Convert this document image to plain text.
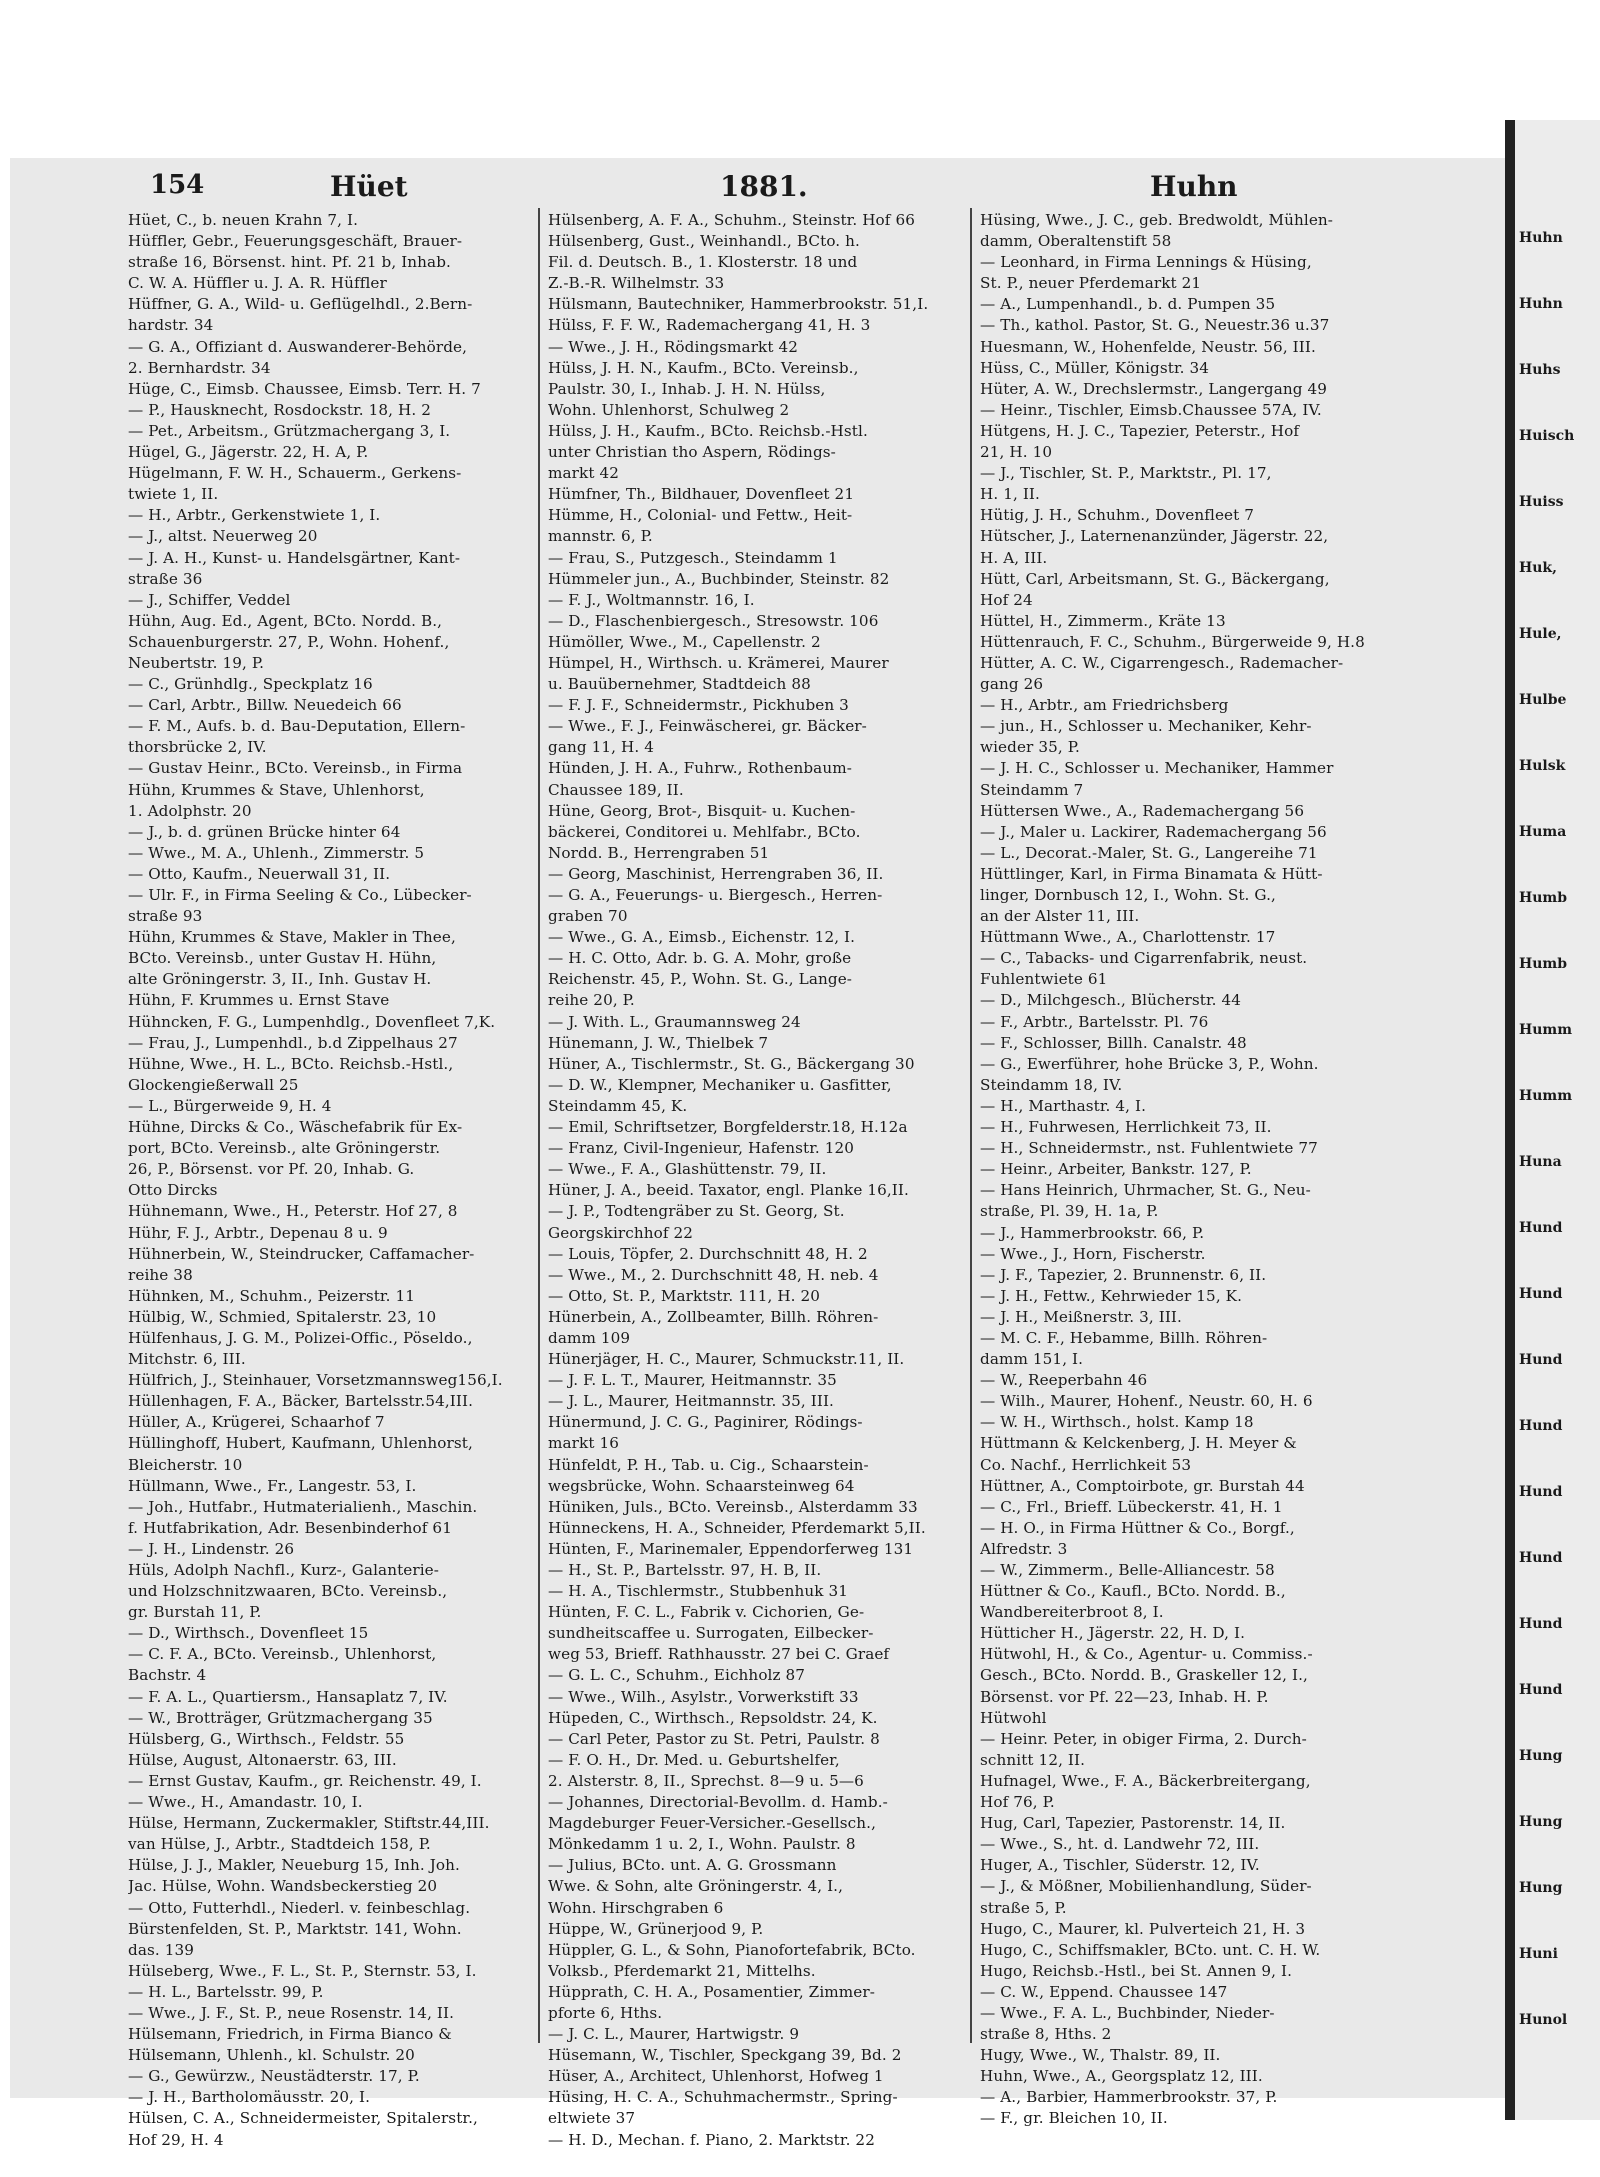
154	Hüet	1881.	Huhn
Hüet, C., b. neuen Krahn 7, I.
Hüffler, Gebr., Feuerungsgeschäft, Brauer-
straße 16, Börsenst. hint. Pf. 21 b, Inhab.
C. W. A. Hüffler u. J. A. R. Hüffler
Hüffner, G. A., Wild- u. Geflügelhdl., 2.Bern-
hardstr. 34
— G. A., Offiziant d. Auswanderer-Behörde,
2. Bernhardstr. 34
Hüge, C., Eimsb. Chaussee, Eimsb. Terr. H. 7
— P., Hausknecht, Rosdockstr. 18, H. 2
— Pet., Arbeitsm., Grützmachergang 3, I.
Hügel, G., Jägerstr. 22, H. A, P.
Hügelmann, F. W. H., Schauerm., Gerkens-
twiete 1, II.
— H., Arbtr., Gerkenstwiete 1, I.
— J., altst. Neuerweg 20
— J. A. H., Kunst- u. Handelsgärtner, Kant-
straße 36
— J., Schiffer, Veddel
Hühn, Aug. Ed., Agent, BCto. Nordd. B.,
Schauenburgerstr. 27, P., Wohn. Hohenf.,
Neubertstr. 19, P.
— C., Grünhdlg., Speckplatz 16
— Carl, Arbtr., Billw. Neuedeich 66
— F. M., Aufs. b. d. Bau-Deputation, Ellern-
thorsbrücke 2, IV.
— Gustav Heinr., BCto. Vereinsb., in Firma
Hühn, Krummes & Stave, Uhlenhorst,
1. Adolphstr. 20
— J., b. d. grünen Brücke hinter 64
— Wwe., M. A., Uhlenh., Zimmerstr. 5
— Otto, Kaufm., Neuerwall 31, II.
— Ulr. F., in Firma Seeling & Co., Lübecker-
straße 93
Hühn, Krummes & Stave, Makler in Thee,
BCto. Vereinsb., unter Gustav H. Hühn,
alte Gröningerstr. 3, II., Inh. Gustav H.
Hühn, F. Krummes u. Ernst Stave
Hühncken, F. G., Lumpenhdlg., Dovenfleet 7,K.
— Frau, J., Lumpenhdl., b.d Zippelhaus 27
Hühne, Wwe., H. L., BCto. Reichsb.-Hstl.,
Glockengießerwall 25
— L., Bürgerweide 9, H. 4
Hühne, Dircks & Co., Wäschefabrik für Ex-
port, BCto. Vereinsb., alte Gröningerstr.
26, P., Börsenst. vor Pf. 20, Inhab. G.
Otto Dircks
Hühnemann, Wwe., H., Peterstr. Hof 27, 8
Hühr, F. J., Arbtr., Depenau 8 u. 9
Hühnerbein, W., Steindrucker, Caffamacher-
reihe 38
Hühnken, M., Schuhm., Peizerstr. 11
Hülbig, W., Schmied, Spitalerstr. 23, 10
Hülfenhaus, J. G. M., Polizei-Offic., Pöseldo.,
Mitchstr. 6, III.
Hülfrich, J., Steinhauer, Vorsetzmannsweg156,I.
Hüllenhagen, F. A., Bäcker, Bartelsstr.54,III.
Hüller, A., Krügerei, Schaarhof 7
Hüllinghoff, Hubert, Kaufmann, Uhlenhorst,
Bleicherstr. 10
Hüllmann, Wwe., Fr., Langestr. 53, I.
— Joh., Hutfabr., Hutmaterialienh., Maschin.
f. Hutfabrikation, Adr. Besenbinderhof 61
— J. H., Lindenstr. 26
Hüls, Adolph Nachfl., Kurz-, Galanterie-
und Holzschnitzwaaren, BCto. Vereinsb.,
gr. Burstah 11, P.
— D., Wirthsch., Dovenfleet 15
— C. F. A., BCto. Vereinsb., Uhlenhorst,
Bachstr. 4
— F. A. L., Quartiersm., Hansaplatz 7, IV.
— W., Brotträger, Grützmachergang 35
Hülsberg, G., Wirthsch., Feldstr. 55
Hülse, August, Altonaerstr. 63, III.
— Ernst Gustav, Kaufm., gr. Reichenstr. 49, I.
— Wwe., H., Amandastr. 10, I.
Hülse, Hermann, Zuckermakler, Stiftstr.44,III.
van Hülse, J., Arbtr., Stadtdeich 158, P.
Hülse, J. J., Makler, Neueburg 15, Inh. Joh.
Jac. Hülse, Wohn. Wandsbeckerstieg 20
— Otto, Futterhdl., Niederl. v. feinbeschlag.
Bürstenfelden, St. P., Marktstr. 141, Wohn.
das. 139
Hülseberg, Wwe., F. L., St. P., Sternstr. 53, I.
— H. L., Bartelsstr. 99, P.
— Wwe., J. F., St. P., neue Rosenstr. 14, II.
Hülsemann, Friedrich, in Firma Bianco &
Hülsemann, Uhlenh., kl. Schulstr. 20
— G., Gewürzw., Neustädterstr. 17, P.
— J. H., Bartholomäusstr. 20, I.
Hülsen, C. A., Schneidermeister, Spitalerstr.,
Hof 29, H. 4
Hülsenberg, A. F. A., Schuhm., Steinstr. Hof 66
Hülsenberg, Gust., Weinhandl., BCto. h.
Fil. d. Deutsch. B., 1. Klosterstr. 18 und
Z.-B.-R. Wilhelmstr. 33
Hülsmann, Bautechniker, Hammerbrookstr. 51,I.
Hülss, F. F. W., Rademachergang 41, H. 3
— Wwe., J. H., Rödingsmarkt 42
Hülss, J. H. N., Kaufm., BCto. Vereinsb.,
Paulstr. 30, I., Inhab. J. H. N. Hülss,
Wohn. Uhlenhorst, Schulweg 2
Hülss, J. H., Kaufm., BCto. Reichsb.-Hstl.
unter Christian tho Aspern, Rödings-
markt 42
Hümfner, Th., Bildhauer, Dovenfleet 21
Hümme, H., Colonial- und Fettw., Heit-
mannstr. 6, P.
— Frau, S., Putzgesch., Steindamm 1
Hümmeler jun., A., Buchbinder, Steinstr. 82
— F. J., Woltmannstr. 16, I.
— D., Flaschenbiergesch., Stresowstr. 106
Hümöller, Wwe., M., Capellenstr. 2
Hümpel, H., Wirthsch. u. Krämerei, Maurer
u. Bauübernehmer, Stadtdeich 88
— F. J. F., Schneidermstr., Pickhuben 3
— Wwe., F. J., Feinwäscherei, gr. Bäcker-
gang 11, H. 4
Hünden, J. H. A., Fuhrw., Rothenbaum-
Chaussee 189, II.
Hüne, Georg, Brot-, Bisquit- u. Kuchen-
bäckerei, Conditorei u. Mehlfabr., BCto.
Nordd. B., Herrengraben 51
— Georg, Maschinist, Herrengraben 36, II.
— G. A., Feuerungs- u. Biergesch., Herren-
graben 70
— Wwe., G. A., Eimsb., Eichenstr. 12, I.
— H. C. Otto, Adr. b. G. A. Mohr, große
Reichenstr. 45, P., Wohn. St. G., Lange-
reihe 20, P.
— J. With. L., Graumannsweg 24
Hünemann, J. W., Thielbek 7
Hüner, A., Tischlermstr., St. G., Bäckergang 30
— D. W., Klempner, Mechaniker u. Gasfitter,
Steindamm 45, K.
— Emil, Schriftsetzer, Borgfelderstr.18, H.12a
— Franz, Civil-Ingenieur, Hafenstr. 120
— Wwe., F. A., Glashüttenstr. 79, II.
Hüner, J. A., beeid. Taxator, engl. Planke 16,II.
— J. P., Todtengräber zu St. Georg, St.
Georgskirchhof 22
— Louis, Töpfer, 2. Durchschnitt 48, H. 2
— Wwe., M., 2. Durchschnitt 48, H. neb. 4
— Otto, St. P., Marktstr. 111, H. 20
Hünerbein, A., Zollbeamter, Billh. Röhren-
damm 109
Hünerjäger, H. C., Maurer, Schmuckstr.11, II.
— J. F. L. T., Maurer, Heitmannstr. 35
— J. L., Maurer, Heitmannstr. 35, III.
Hünermund, J. C. G., Paginirer, Rödings-
markt 16
Hünfeldt, P. H., Tab. u. Cig., Schaarstein-
wegsbrücke, Wohn. Schaarsteinweg 64
Hüniken, Juls., BCto. Vereinsb., Alsterdamm 33
Hünneckens, H. A., Schneider, Pferdemarkt 5,II.
Hünten, F., Marinemaler, Eppendorferweg 131
— H., St. P., Bartelsstr. 97, H. B, II.
— H. A., Tischlermstr., Stubbenhuk 31
Hünten, F. C. L., Fabrik v. Cichorien, Ge-
sundheitscaffee u. Surrogaten, Eilbecker-
weg 53, Brieff. Rathhausstr. 27 bei C. Graef
— G. L. C., Schuhm., Eichholz 87
— Wwe., Wilh., Asylstr., Vorwerkstift 33
Hüpeden, C., Wirthsch., Repsoldstr. 24, K.
— Carl Peter, Pastor zu St. Petri, Paulstr. 8
— F. O. H., Dr. Med. u. Geburtshelfer,
2. Alsterstr. 8, II., Sprechst. 8—9 u. 5—6
— Johannes, Directorial-Bevollm. d. Hamb.-
Magdeburger Feuer-Versicher.-Gesellsch.,
Mönkedamm 1 u. 2, I., Wohn. Paulstr. 8
— Julius, BCto. unt. A. G. Grossmann
Wwe. & Sohn, alte Gröningerstr. 4, I.,
Wohn. Hirschgraben 6
Hüppe, W., Grünerjood 9, P.
Hüppler, G. L., & Sohn, Pianofortefabrik, BCto.
Volksb., Pferdemarkt 21, Mittelhs.
Hüpprath, C. H. A., Posamentier, Zimmer-
pforte 6, Hths.
— J. C. L., Maurer, Hartwigstr. 9
Hüsemann, W., Tischler, Speckgang 39, Bd. 2
Hüser, A., Architect, Uhlenhorst, Hofweg 1
Hüsing, H. C. A., Schuhmachermstr., Spring-
eltwiete 37
— H. D., Mechan. f. Piano, 2. Marktstr. 22
Hüsing, Wwe., J. C., geb. Bredwoldt, Mühlen-
damm, Oberaltenstift 58
— Leonhard, in Firma Lennings & Hüsing,
St. P., neuer Pferdemarkt 21
— A., Lumpenhandl., b. d. Pumpen 35
— Th., kathol. Pastor, St. G., Neuestr.36 u.37
Huesmann, W., Hohenfelde, Neustr. 56, III.
Hüss, C., Müller, Königstr. 34
Hüter, A. W., Drechslermstr., Langergang 49
— Heinr., Tischler, Eimsb.Chaussee 57A, IV.
Hütgens, H. J. C., Tapezier, Peterstr., Hof
21, H. 10
— J., Tischler, St. P., Marktstr., Pl. 17,
H. 1, II.
Hütig, J. H., Schuhm., Dovenfleet 7
Hütscher, J., Laternenanzünder, Jägerstr. 22,
H. A, III.
Hütt, Carl, Arbeitsmann, St. G., Bäckergang,
Hof 24
Hüttel, H., Zimmerm., Kräte 13
Hüttenrauch, F. C., Schuhm., Bürgerweide 9, H.8
Hütter, A. C. W., Cigarrengesch., Rademacher-
gang 26
— H., Arbtr., am Friedrichsberg
— jun., H., Schlosser u. Mechaniker, Kehr-
wieder 35, P.
— J. H. C., Schlosser u. Mechaniker, Hammer
Steindamm 7
Hüttersen Wwe., A., Rademachergang 56
— J., Maler u. Lackirer, Rademachergang 56
— L., Decorat.-Maler, St. G., Langereihe 71
Hüttlinger, Karl, in Firma Binamata & Hütt-
linger, Dornbusch 12, I., Wohn. St. G.,
an der Alster 11, III.
Hüttmann Wwe., A., Charlottenstr. 17
— C., Tabacks- und Cigarrenfabrik, neust.
Fuhlentwiete 61
— D., Milchgesch., Blücherstr. 44
— F., Arbtr., Bartelsstr. Pl. 76
— F., Schlosser, Billh. Canalstr. 48
— G., Ewerführer, hohe Brücke 3, P., Wohn.
Steindamm 18, IV.
— H., Marthastr. 4, I.
— H., Fuhrwesen, Herrlichkeit 73, II.
— H., Schneidermstr., nst. Fuhlentwiete 77
— Heinr., Arbeiter, Bankstr. 127, P.
— Hans Heinrich, Uhrmacher, St. G., Neu-
straße, Pl. 39, H. 1a, P.
— J., Hammerbrookstr. 66, P.
— Wwe., J., Horn, Fischerstr.
— J. F., Tapezier, 2. Brunnenstr. 6, II.
— J. H., Fettw., Kehrwieder 15, K.
— J. H., Meißnerstr. 3, III.
— M. C. F., Hebamme, Billh. Röhren-
damm 151, I.
— W., Reeperbahn 46
— Wilh., Maurer, Hohenf., Neustr. 60, H. 6
— W. H., Wirthsch., holst. Kamp 18
Hüttmann & Kelckenberg, J. H. Meyer &
Co. Nachf., Herrlichkeit 53
Hüttner, A., Comptoirbote, gr. Burstah 44
— C., Frl., Brieff. Lübeckerstr. 41, H. 1
— H. O., in Firma Hüttner & Co., Borgf.,
Alfredstr. 3
— W., Zimmerm., Belle-Alliancestr. 58
Hüttner & Co., Kaufl., BCto. Nordd. B.,
Wandbereiterbroot 8, I.
Hütticher H., Jägerstr. 22, H. D, I.
Hütwohl, H., & Co., Agentur- u. Commiss.-
Gesch., BCto. Nordd. B., Graskeller 12, I.,
Börsenst. vor Pf. 22—23, Inhab. H. P.
Hütwohl
— Heinr. Peter, in obiger Firma, 2. Durch-
schnitt 12, II.
Hufnagel, Wwe., F. A., Bäckerbreitergang,
Hof 76, P.
Hug, Carl, Tapezier, Pastorenstr. 14, II.
— Wwe., S., ht. d. Landwehr 72, III.
Huger, A., Tischler, Süderstr. 12, IV.
— J., & Mößner, Mobilienhandlung, Süder-
straße 5, P.
Hugo, C., Maurer, kl. Pulverteich 21, H. 3
Hugo, C., Schiffsmakler, BCto. unt. C. H. W.
Hugo, Reichsb.-Hstl., bei St. Annen 9, I.
— C. W., Eppend. Chaussee 147
— Wwe., F. A. L., Buchbinder, Nieder-
straße 8, Hths. 2
Hugy, Wwe., W., Thalstr. 89, II.
Huhn, Wwe., A., Georgsplatz 12, III.
— A., Barbier, Hammerbrookstr. 37, P.
— F., gr. Bleichen 10, II.
Huhn
Huhn
Huhs
Huisch
Huiss
Huk,
Hule,
Hulbe
Hulsk
Huma
Humb
Humb
Humm
Humm
Huna
Hund
Hund
Hund
Hund
Hund
Hund
Hund
Hund
Hung
Hung
Hung
Huni
Hunol
